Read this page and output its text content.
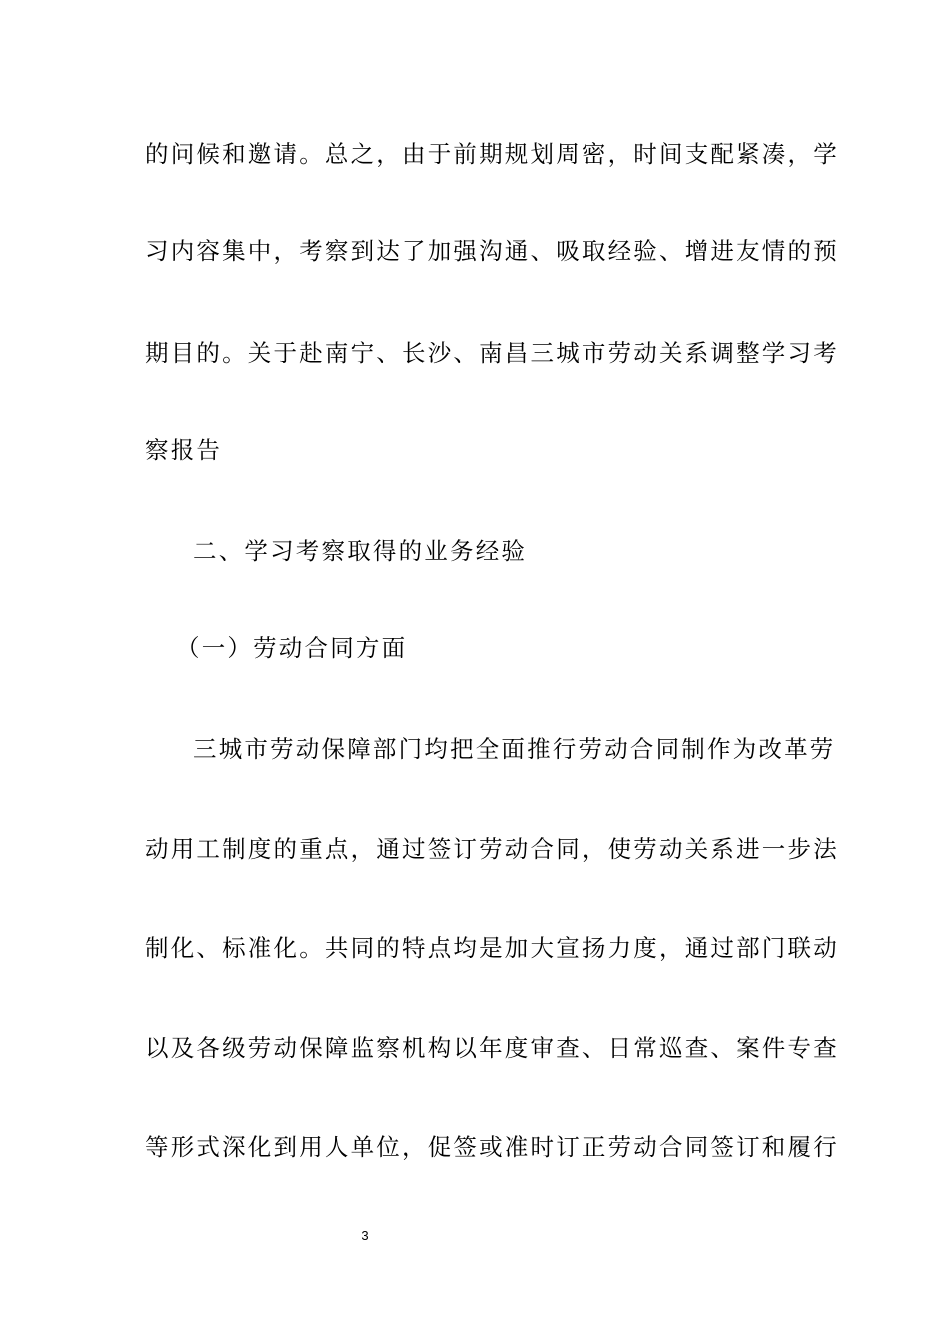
的问候和邀请。总之，由于前期规划周密，时间支配紧凑，学
习内容集中，考察到达了加强沟通、吸取经验、增进友情的预
期目的。关于赴南宁、长沙、南昌三城市劳动关系调整学习考
察报告
二、学习考察取得的业务经验
（一）劳动合同方面
三城市劳动保障部门均把全面推行劳动合同制作为改革劳
动用工制度的重点，通过签订劳动合同，使劳动关系进一步法
制化、标准化。共同的特点均是加大宣扬力度，通过部门联动
以及各级劳动保障监察机构以年度审查、日常巡查、案件专查
等形式深化到用人单位，促签或准时订正劳动合同签订和履行
3
